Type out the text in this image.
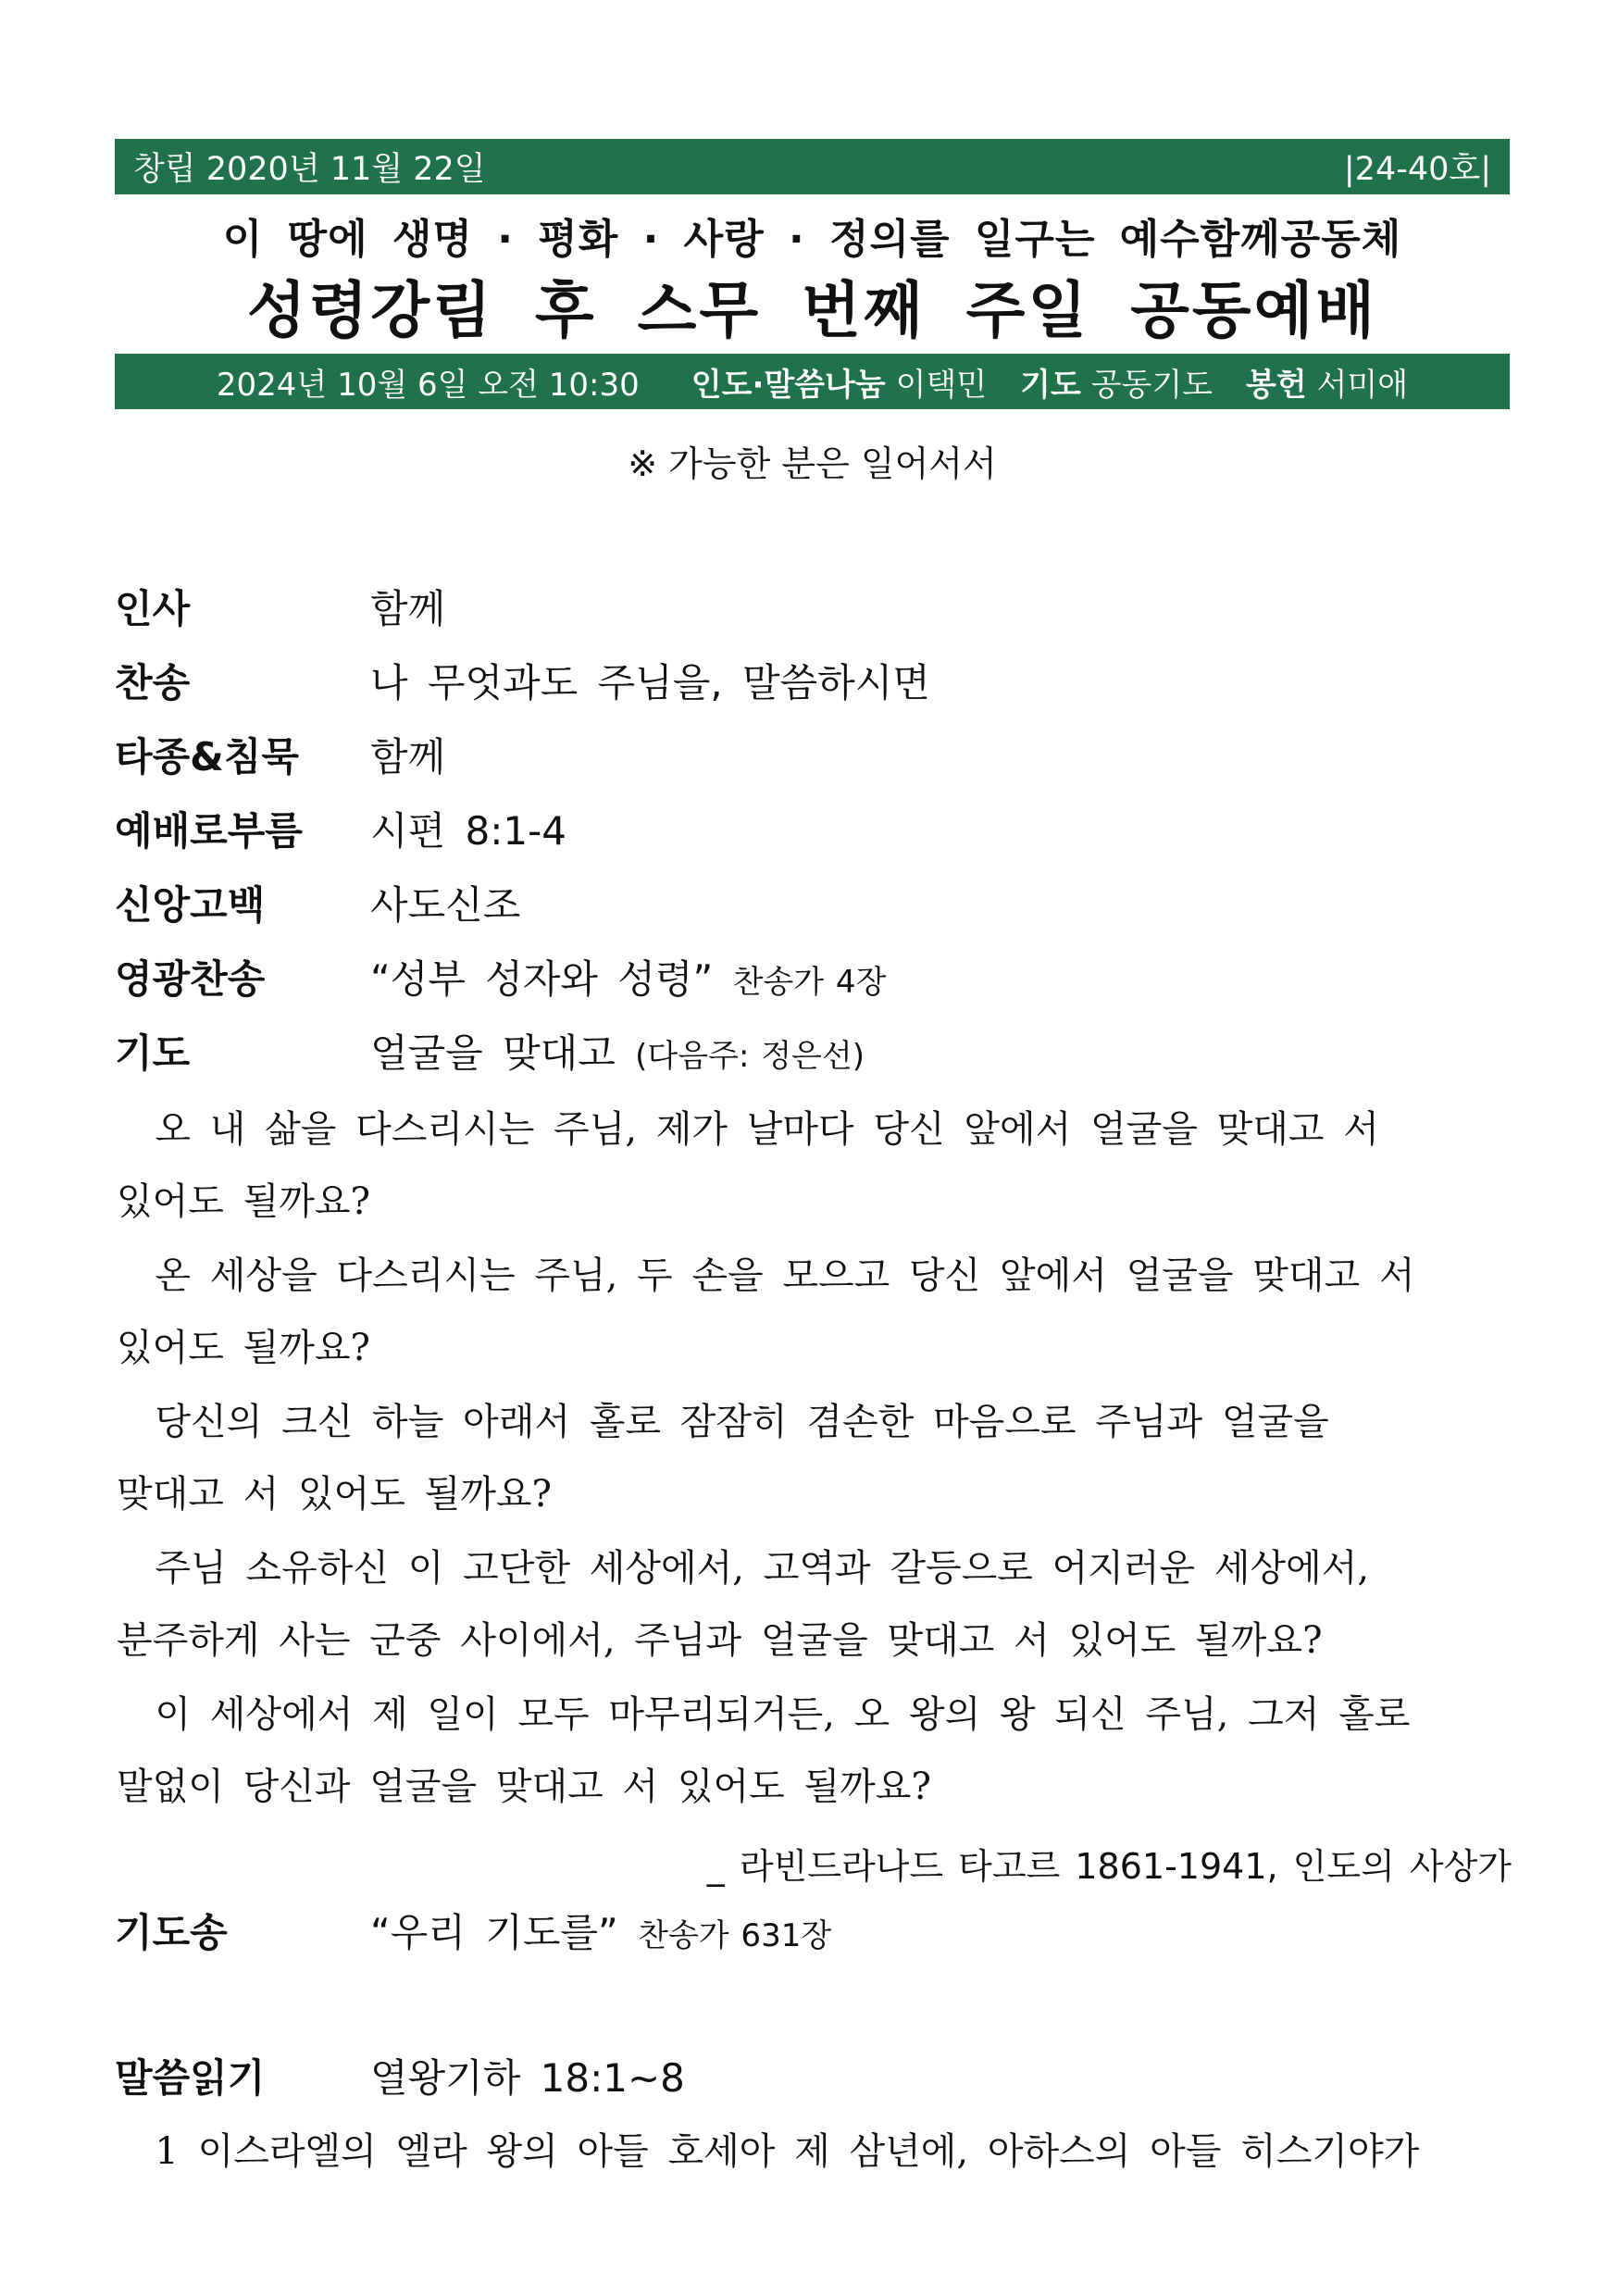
창립 2020년 11월 22일	|24-40호|
이 땅에 생명 · 평화 · 사랑 · 정의를 일구는 예수함께공동체
성령강림 후 스무 번째 주일 공동예배
2024년 10월 6일 오전 10:30 인도·말씀나눔
이택민 기도
공동기도 봉헌
서미애
※ 가능한 분은 일어서서
인사	함께
찬송	나 무엇과도 주님을, 말씀하시면
타종&침묵 함께
예배로부름 시편 8:1-4
신앙고백	사도신조
영광찬송	“성부 성자와 성령” 찬송가 4장
기도	얼굴을 맞대고 (다음주: 정은선)
오 내 삶을 다스리시는 주님, 제가 날마다 당신 앞에서 얼굴을 맞대고 서
있어도 될까요?
온 세상을 다스리시는 주님, 두 손을 모으고 당신 앞에서 얼굴을 맞대고 서
있어도 될까요?
당신의 크신 하늘 아래서 홀로 잠잠히 겸손한 마음으로 주님과 얼굴을
맞대고 서 있어도 될까요?
주님 소유하신 이 고단한 세상에서, 고역과 갈등으로 어지러운 세상에서,
분주하게 사는 군중 사이에서, 주님과 얼굴을 맞대고 서 있어도 될까요?
이 세상에서 제 일이 모두 마무리되거든, 오 왕의 왕 되신 주님, 그저 홀로
말없이 당신과 얼굴을 맞대고 서 있어도 될까요?
_ 라빈드라나드 타고르 1861-1941, 인도의 사상가
기도송	“우리 기도를” 찬송가 631장
말씀읽기	열왕기하 18:1~8
1 이스라엘의 엘라 왕의 아들 호세아 제 삼년에, 아하스의 아들 히스기야가
